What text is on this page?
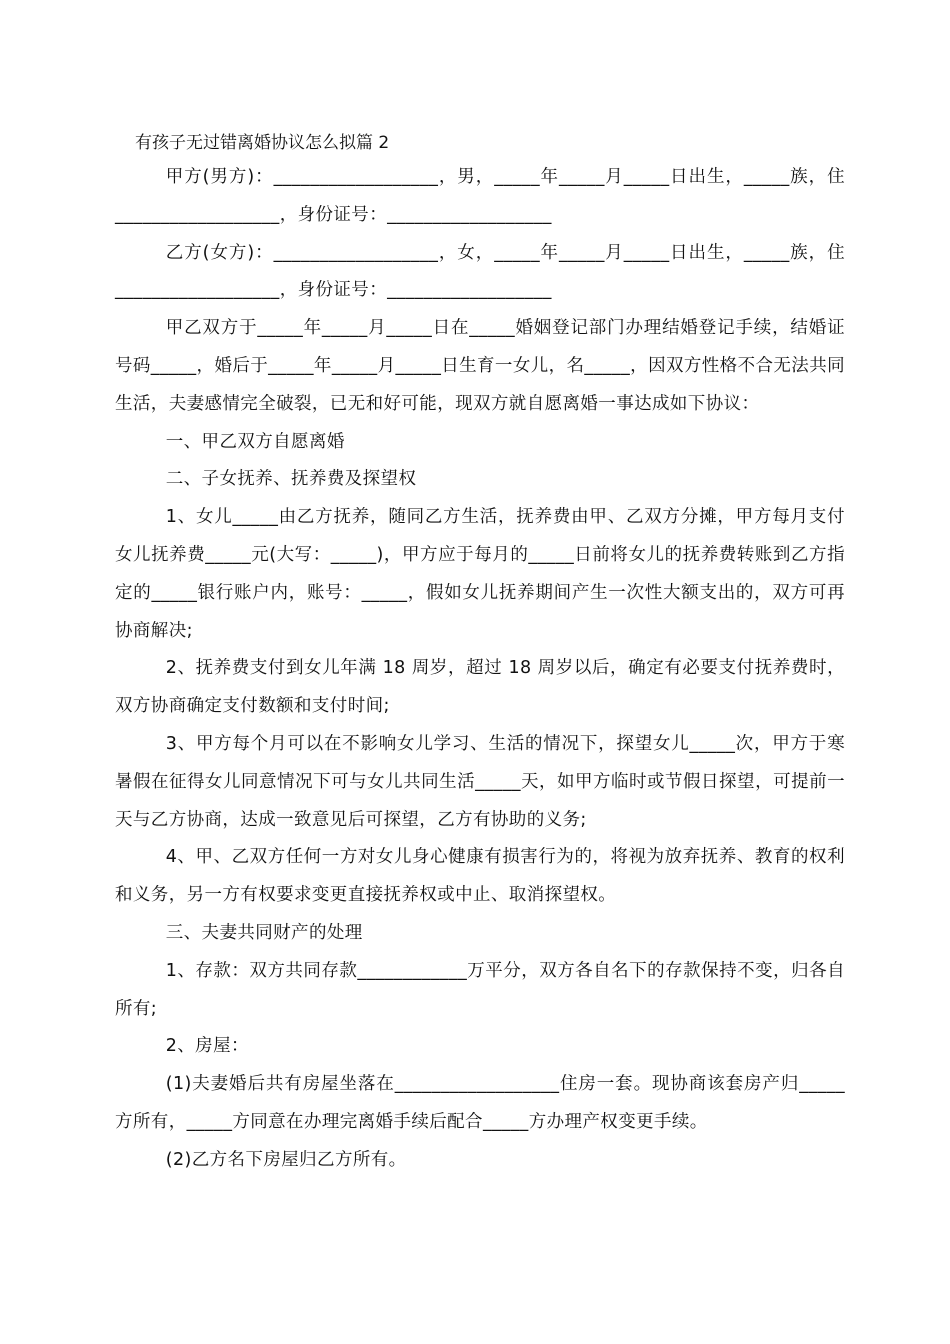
有孩子无过错离婚协议怎么拟篇 2

甲方(男方)：__________________，男，_____年_____月_____日出生，_____族，住__________________，身份证号：__________________

乙方(女方)：__________________，女，_____年_____月_____日出生，_____族，住__________________，身份证号：__________________

甲乙双方于_____年_____月_____日在_____婚姻登记部门办理结婚登记手续，结婚证号码_____，婚后于_____年_____月_____日生育一女儿，名_____，因双方性格不合无法共同生活，夫妻感情完全破裂，已无和好可能，现双方就自愿离婚一事达成如下协议：

一、甲乙双方自愿离婚

二、子女抚养、抚养费及探望权

1、女儿_____由乙方抚养，随同乙方生活，抚养费由甲、乙双方分摊，甲方每月支付女儿抚养费_____元(大写：_____)，甲方应于每月的_____日前将女儿的抚养费转账到乙方指定的_____银行账户内，账号：_____，假如女儿抚养期间产生一次性大额支出的，双方可再协商解决;

2、抚养费支付到女儿年满 18 周岁，超过 18 周岁以后，确定有必要支付抚养费时，双方协商确定支付数额和支付时间;

3、甲方每个月可以在不影响女儿学习、生活的情况下，探望女儿_____次，甲方于寒暑假在征得女儿同意情况下可与女儿共同生活_____天，如甲方临时或节假日探望，可提前一天与乙方协商，达成一致意见后可探望，乙方有协助的义务;

4、甲、乙双方任何一方对女儿身心健康有损害行为的，将视为放弃抚养、教育的权利和义务，另一方有权要求变更直接抚养权或中止、取消探望权。

三、夫妻共同财产的处理

1、存款：双方共同存款____________万平分，双方各自名下的存款保持不变，归各自所有;

2、房屋：

(1)夫妻婚后共有房屋坐落在__________________住房一套。现协商该套房产归_____方所有，_____方同意在办理完离婚手续后配合_____方办理产权变更手续。

(2)乙方名下房屋归乙方所有。
